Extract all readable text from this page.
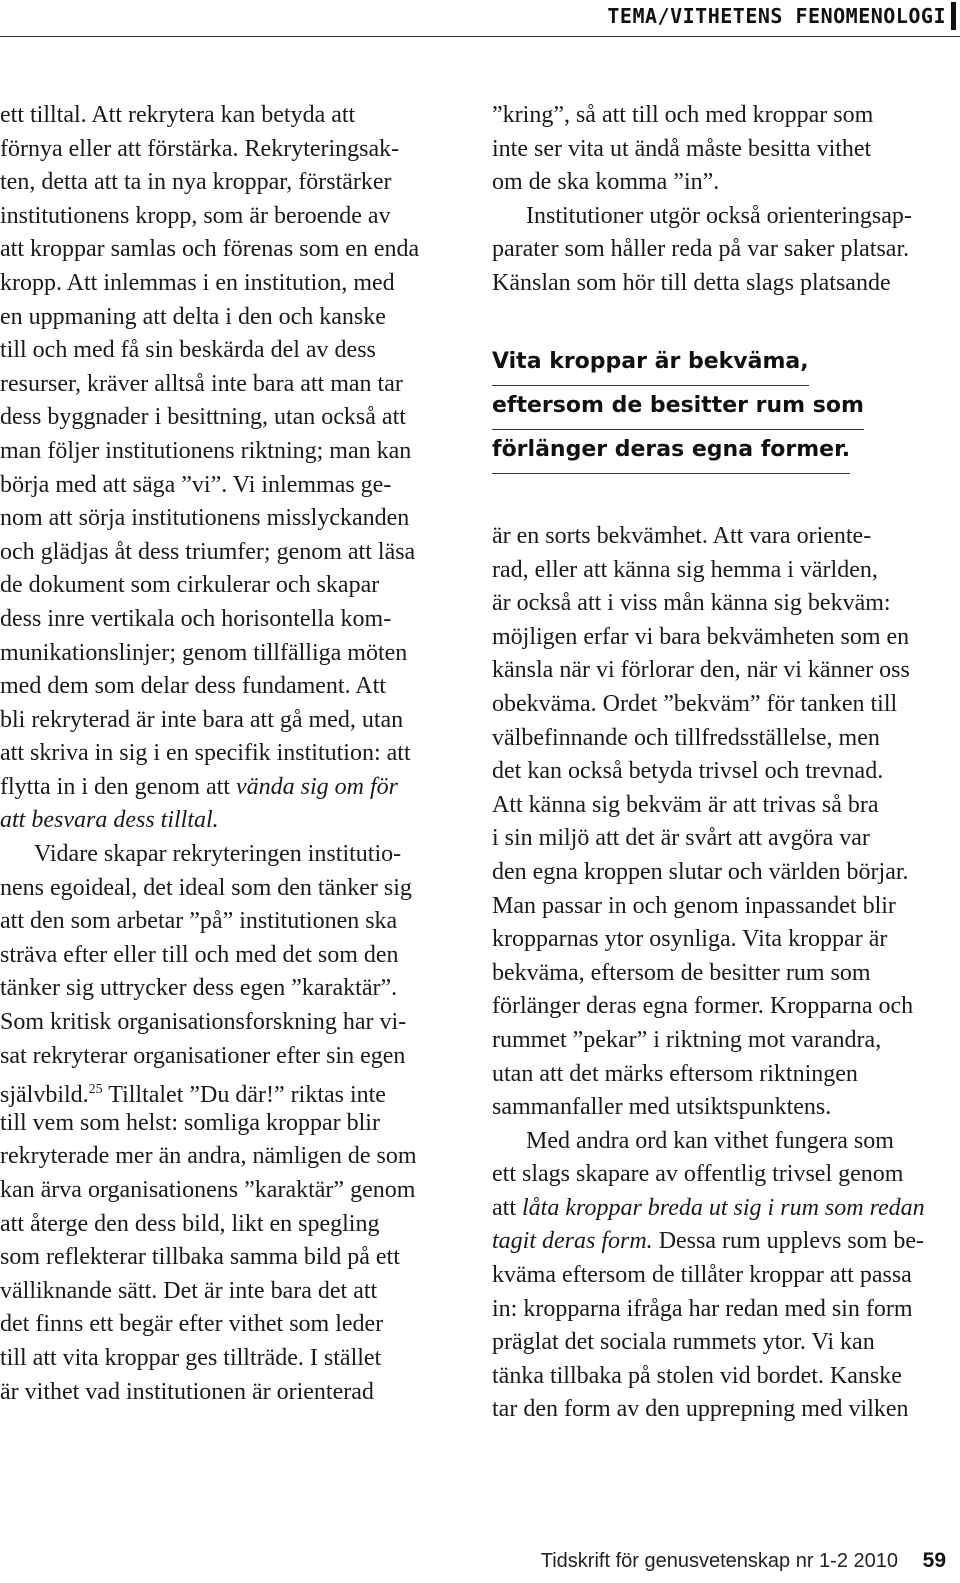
TEMA/VITHETENS FENOMENOLOGI
ett tilltal. Att rekrytera kan betyda att
förnya eller att förstärka. Rekryteringsak-
ten, detta att ta in nya kroppar, förstärker
institutionens kropp, som är beroende av
att kroppar samlas och förenas som en enda
kropp. Att inlemmas i en institution, med
en uppmaning att delta i den och kanske
till och med få sin beskärda del av dess
resurser, kräver alltså inte bara att man tar
dess byggnader i besittning, utan också att
man följer institutionens riktning; man kan
börja med att säga ”vi”. Vi inlemmas ge-
nom att sörja institutionens misslyckanden
och glädjas åt dess triumfer; genom att läsa
de dokument som cirkulerar och skapar
dess inre vertikala och horisontella kom-
munikationslinjer; genom tillfälliga möten
med dem som delar dess fundament. Att
bli rekryterad är inte bara att gå med, utan
att skriva in sig i en specifik institution: att
flytta in i den genom att vända sig om för
att besvara dess tilltal.
Vidare skapar rekryteringen institutio-
nens egoideal, det ideal som den tänker sig
att den som arbetar ”på” institutionen ska
sträva efter eller till och med det som den
tänker sig uttrycker dess egen ”karaktär”.
Som kritisk organisationsforskning har vi-
sat rekryterar organisationer efter sin egen
självbild.$^{25}$ Tilltalet ”Du där!” riktas inte
till vem som helst: somliga kroppar blir
rekryterade mer än andra, nämligen de som
kan ärva organisationens ”karaktär” genom
att återge den dess bild, likt en spegling
som reflekterar tillbaka samma bild på ett
välliknande sätt. Det är inte bara det att
det finns ett begär efter vithet som leder
till att vita kroppar ges tillträde. I stället
är vithet vad institutionen är orienterad
”kring”, så att till och med kroppar som
inte ser vita ut ändå måste besitta vithet
om de ska komma ”in”.
Institutioner utgör också orienteringsap-
parater som håller reda på var saker platsar.
Känslan som hör till detta slags platsande
Vita kroppar är bekväma,
eftersom de besitter rum som
förlänger deras egna former.
är en sorts bekvämhet. Att vara oriente-
rad, eller att känna sig hemma i världen,
är också att i viss mån känna sig bekväm:
möjligen erfar vi bara bekvämheten som en
känsla när vi förlorar den, när vi känner oss
obekväma. Ordet ”bekväm” för tanken till
välbefinnande och tillfredsställelse, men
det kan också betyda trivsel och trevnad.
Att känna sig bekväm är att trivas så bra
i sin miljö att det är svårt att avgöra var
den egna kroppen slutar och världen börjar.
Man passar in och genom inpassandet blir
kropparnas ytor osynliga. Vita kroppar är
bekväma, eftersom de besitter rum som
förlänger deras egna former. Kropparna och
rummet ”pekar” i riktning mot varandra,
utan att det märks eftersom riktningen
sammanfaller med utsiktspunktens.
Med andra ord kan vithet fungera som
ett slags skapare av offentlig trivsel genom
att låta kroppar breda ut sig i rum som redan
tagit deras form. Dessa rum upplevs som be-
kväma eftersom de tillåter kroppar att passa
in: kropparna ifråga har redan med sin form
präglat det sociala rummets ytor. Vi kan
tänka tillbaka på stolen vid bordet. Kanske
tar den form av den upprepning med vilken
Tidskrift för genusvetenskap nr 1-2 2010 59
